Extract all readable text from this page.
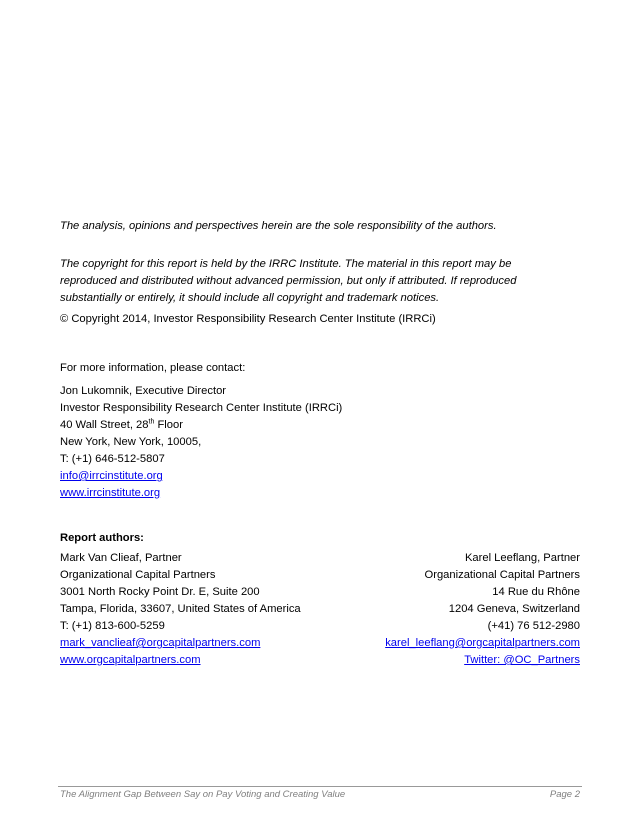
The analysis, opinions and perspectives herein are the sole responsibility of the authors.
The copyright for this report is held by the IRRC Institute. The material in this report may be
reproduced and distributed without advanced permission, but only if attributed. If reproduced
substantially or entirely, it should include all copyright and trademark notices.
© Copyright 2014, Investor Responsibility Research Center Institute (IRRCi)
For more information, please contact:
Jon Lukomnik, Executive Director
Investor Responsibility Research Center Institute (IRRCi)
40 Wall Street, 28th Floor
New York, New York, 10005,
T: (+1) 646-512-5807
info@irrcinstitute.org
www.irrcinstitute.org
Report authors:
Mark Van Clieaf, Partner
Organizational Capital Partners
3001 North Rocky Point Dr. E, Suite 200
Tampa, Florida, 33607, United States of America
T: (+1) 813-600-5259
mark_vanclieaf@orgcapitalpartners.com
www.orgcapitalpartners.com
Karel Leeflang, Partner
Organizational Capital Partners
14 Rue du Rhône
1204 Geneva, Switzerland
(+41) 76 512-2980
karel_leeflang@orgcapitalpartners.com
Twitter: @OC_Partners
The Alignment Gap Between Say on Pay Voting and Creating Value	Page 2
